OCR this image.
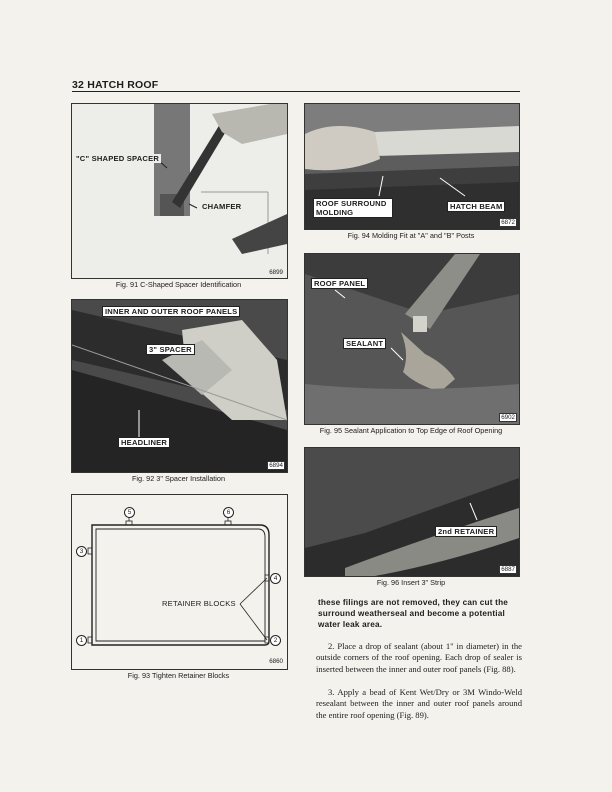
32 HATCH ROOF
"C" SHAPED SPACER
CHAMFER
6899
Fig. 91 C-Shaped Spacer Identification
INNER AND OUTER ROOF PANELS
3" SPACER
HEADLINER
6894
Fig. 92 3" Spacer Installation
5	6
3
4
1	2
RETAINER BLOCKS
6860
Fig. 93 Tighten Retainer Blocks
ROOF SURROUND MOLDING
HATCH BEAM
6872
Fig. 94 Molding Fit at "A" and "B" Posts
ROOF PANEL
SEALANT
6902
Fig. 95 Sealant Application to Top Edge of Roof Opening
2nd RETAINER
6887
Fig. 96 Insert 3" Strip
these filings are not removed, they can cut the surround weatherseal and become a potential water leak area.
2. Place a drop of sealant (about 1" in diameter) in the outside corners of the roof opening. Each drop of sealer is inserted between the inner and outer roof panels (Fig. 88).
3. Apply a bead of Kent Wet/Dry or 3M Windo-Weld resealant between the inner and outer roof panels around the entire roof opening (Fig. 89).
